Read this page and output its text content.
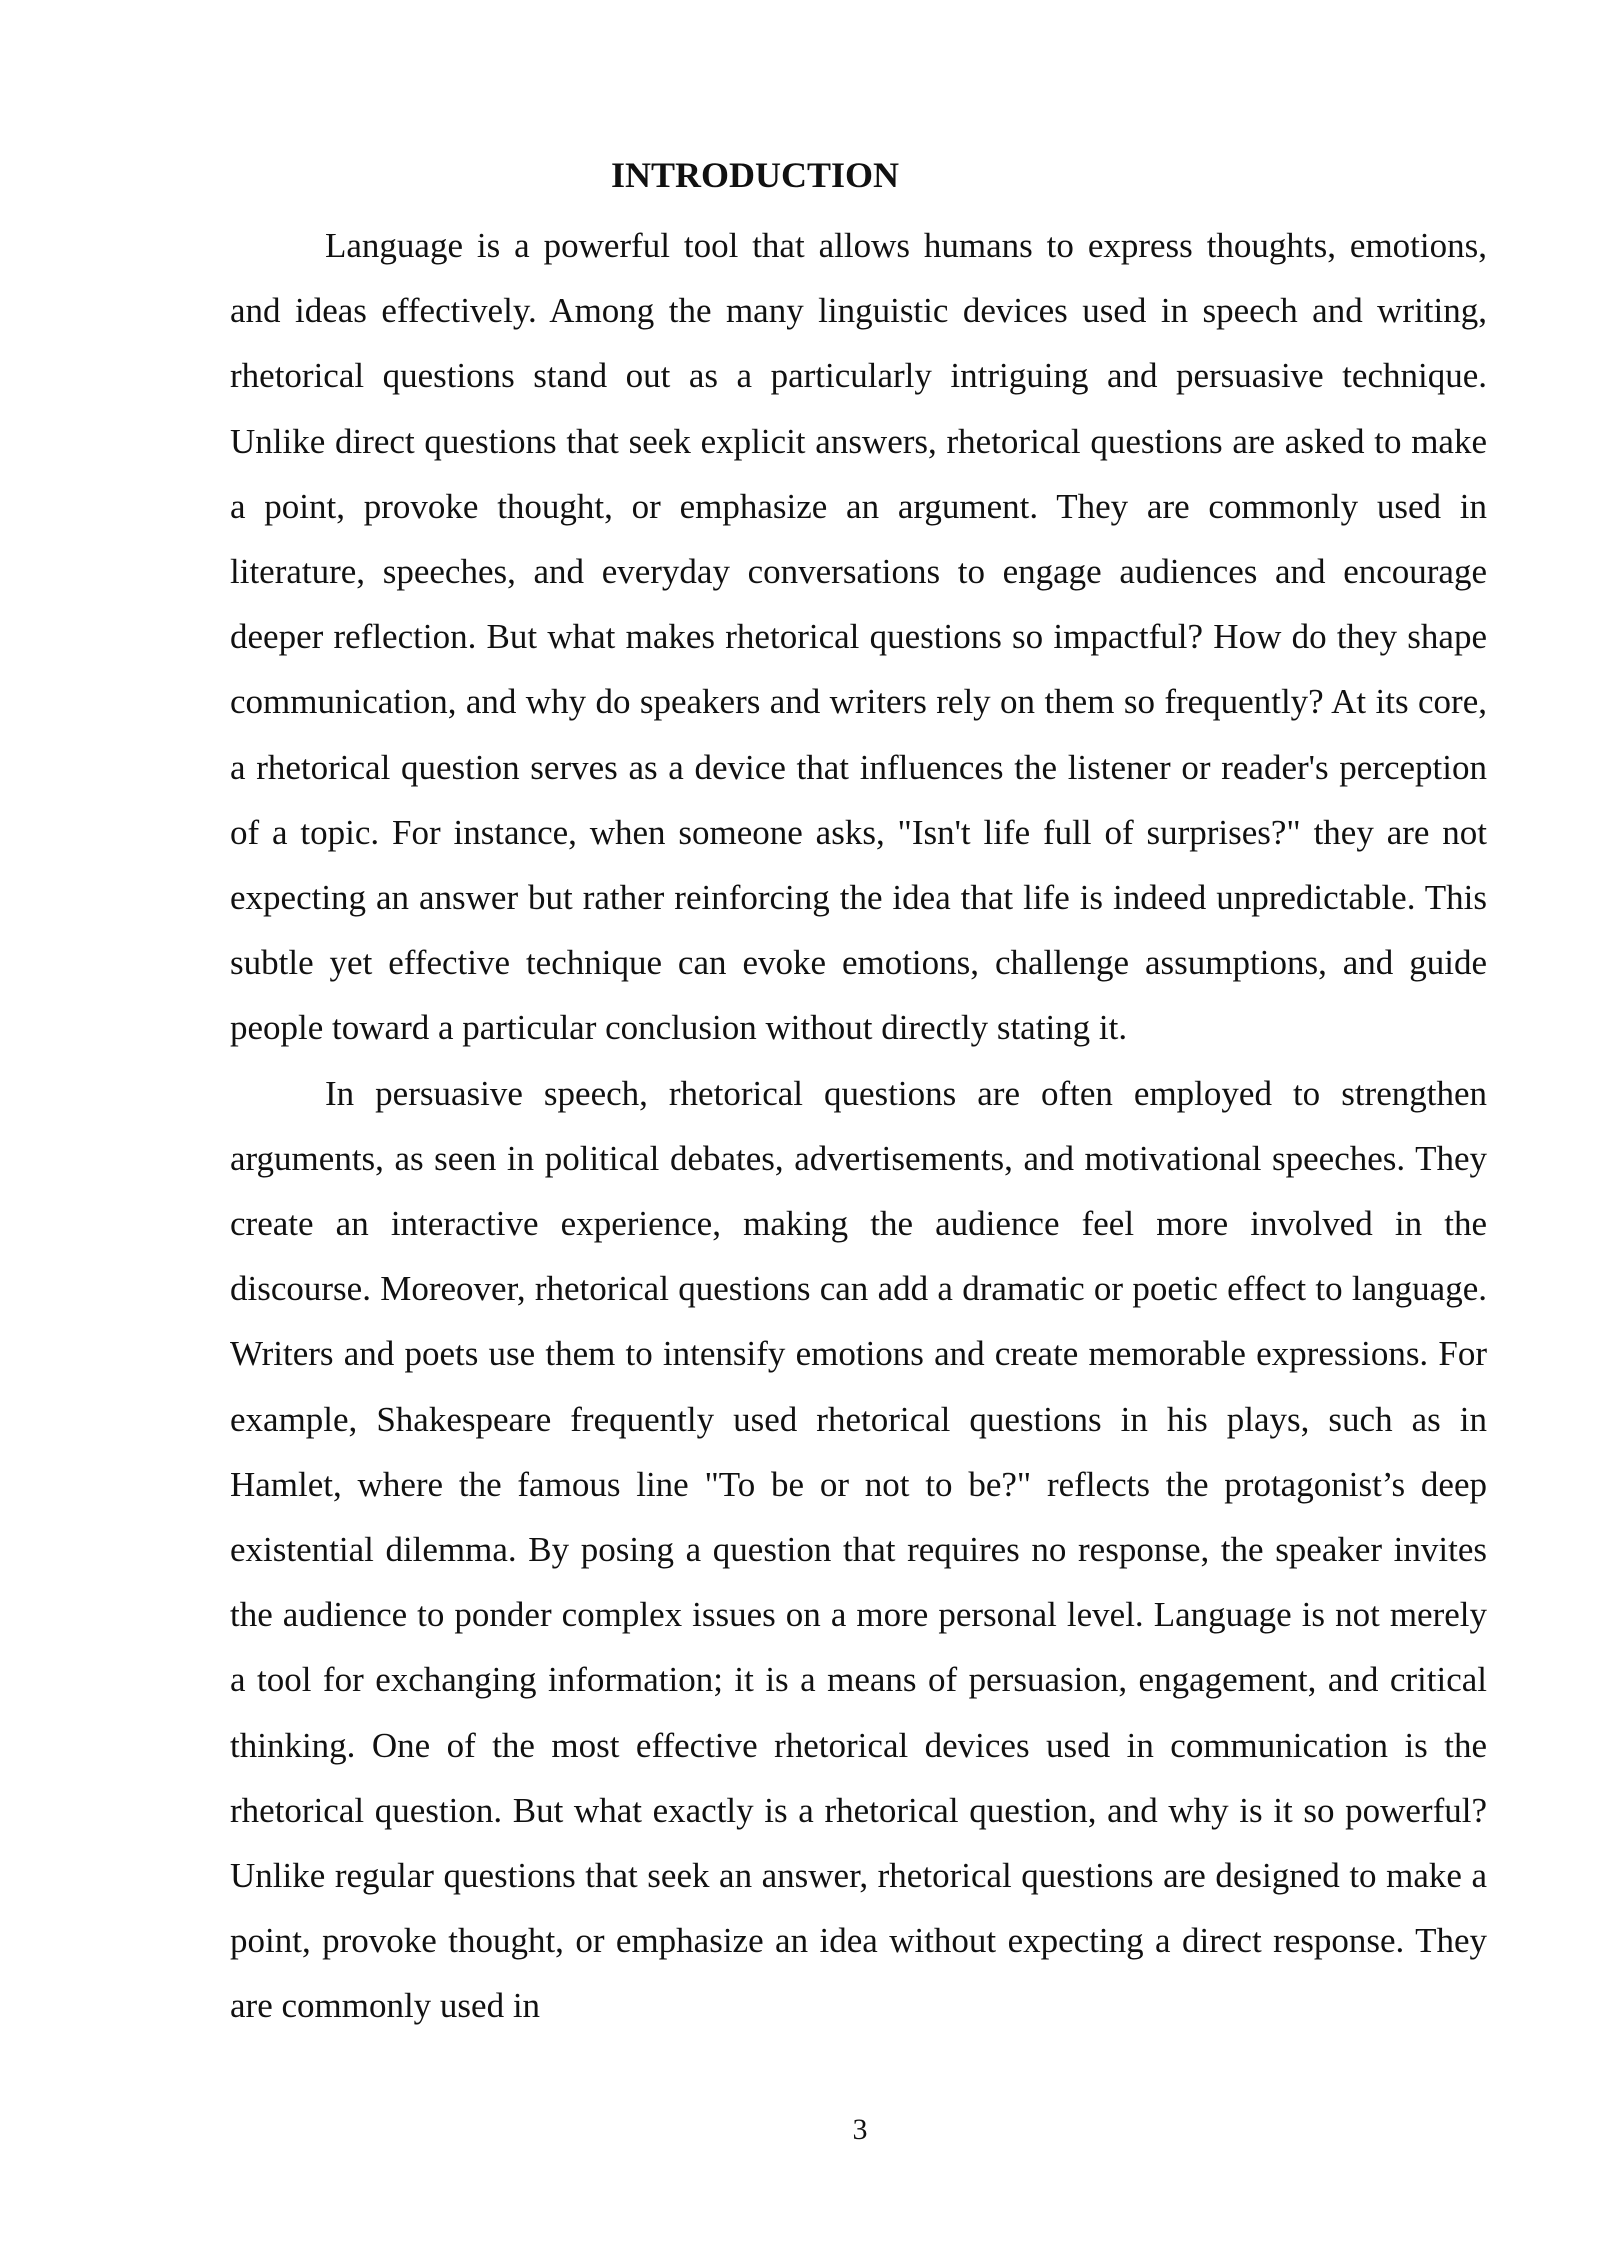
INTRODUCTION

Language is a powerful tool that allows humans to express thoughts, emotions, and ideas effectively. Among the many linguistic devices used in speech and writing, rhetorical questions stand out as a particularly intriguing and persuasive technique. Unlike direct questions that seek explicit answers, rhetorical questions are asked to make a point, provoke thought, or emphasize an argument. They are commonly used in literature, speeches, and everyday conversations to engage audiences and encourage deeper reflection. But what makes rhetorical questions so impactful? How do they shape communication, and why do speakers and writers rely on them so frequently? At its core, a rhetorical question serves as a device that influences the listener or reader's perception of a topic. For instance, when someone asks, "Isn't life full of surprises?" they are not expecting an answer but rather reinforcing the idea that life is indeed unpredictable. This subtle yet effective technique can evoke emotions, challenge assumptions, and guide people toward a particular conclusion without directly stating it.

In persuasive speech, rhetorical questions are often employed to strengthen arguments, as seen in political debates, advertisements, and motivational speeches. They create an interactive experience, making the audience feel more involved in the discourse. Moreover, rhetorical questions can add a dramatic or poetic effect to language. Writers and poets use them to intensify emotions and create memorable expressions. For example, Shakespeare frequently used rhetorical questions in his plays, such as in Hamlet, where the famous line "To be or not to be?" reflects the protagonist’s deep existential dilemma. By posing a question that requires no response, the speaker invites the audience to ponder complex issues on a more personal level. Language is not merely a tool for exchanging information; it is a means of persuasion, engagement, and critical thinking. One of the most effective rhetorical devices used in communication is the rhetorical question. But what exactly is a rhetorical question, and why is it so powerful? Unlike regular questions that seek an answer, rhetorical questions are designed to make a point, provoke thought, or emphasize an idea without expecting a direct response. They are commonly used in

3
